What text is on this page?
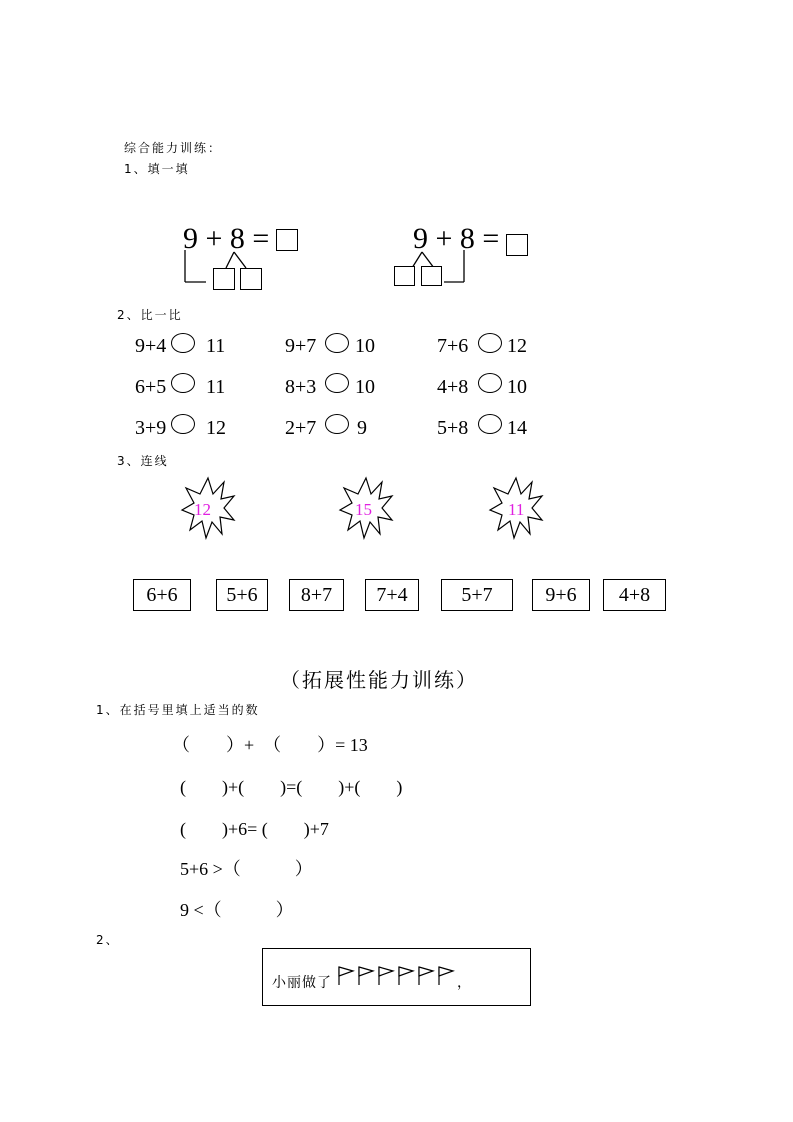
综合能力训练：
1、填一填
9 + 8 =	9 + 8 =
2、比一比
9+4 11	9+7 10	7+6 12
6+5 11	8+3 10	4+8 10
3+9 12	2+7 9	5+8 14
3、连线
12	15	11
6+6	5+6	8+7	7+4	5+7	9+6	4+8
（拓展性能力训练）
1、在括号里填上适当的数
（　　）+　（　　）= 13
(　　)+(　　)=(　　)+(　　)
(　　)+6= (　　)+7
5+6 >（　　　）
9 <（　　　）
2、
小丽做了	，
